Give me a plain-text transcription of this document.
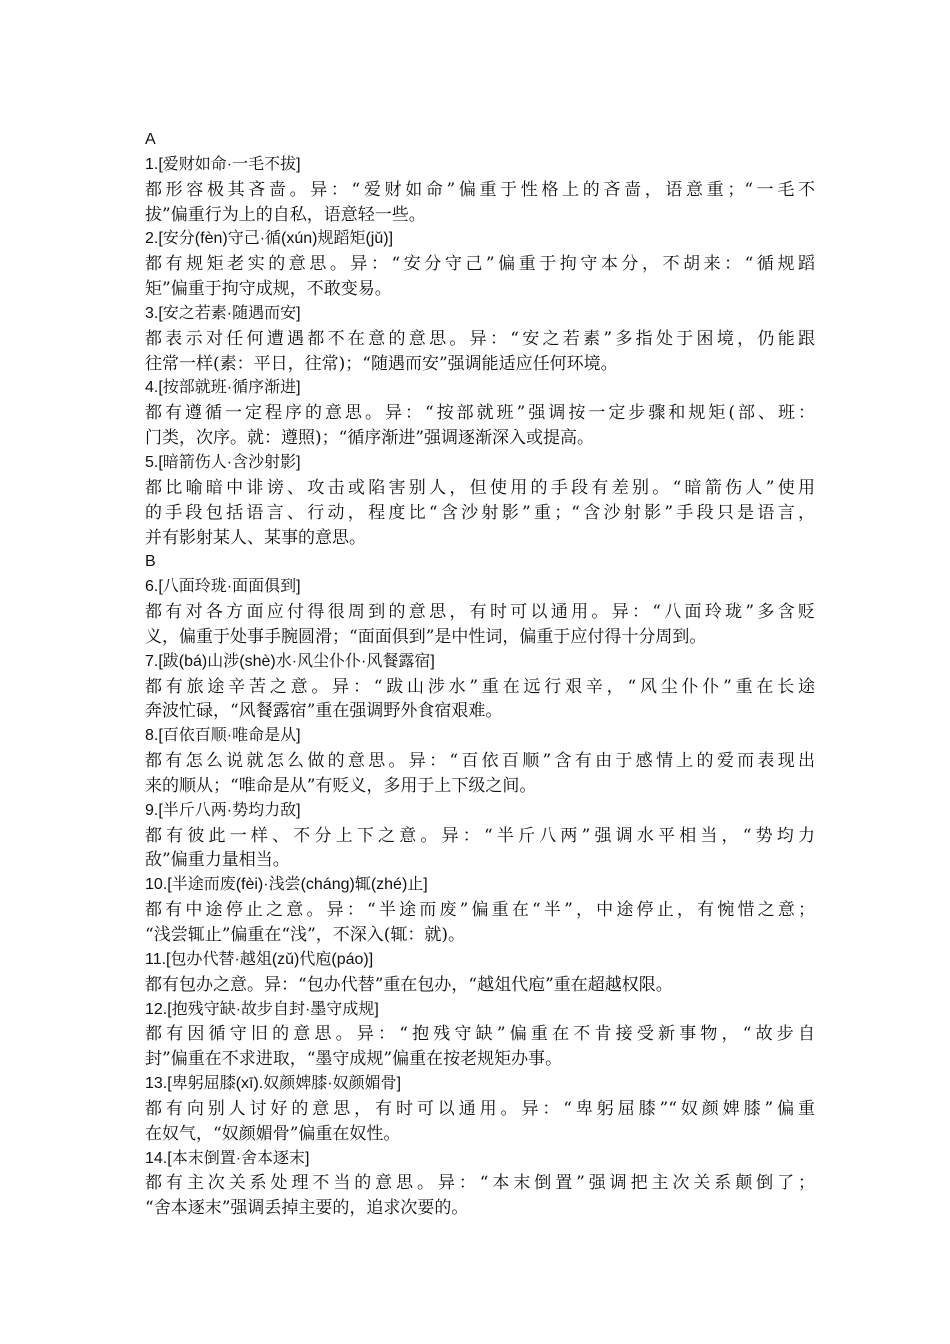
A
1.[爱财如命·一毛不拔]
都形容极其吝啬。异：“爱财如命”偏重于性格上的吝啬，语意重；“一毛不
拔”偏重行为上的自私，语意轻一些。
2.[安分(fèn)守己·循(xún)规蹈矩(jǔ)]
都有规矩老实的意思。异：“安分守己”偏重于拘守本分，不胡来：“循规蹈
矩”偏重于拘守成规，不敢变易。
3.[安之若素·随遇而安]
都表示对任何遭遇都不在意的意思。异：“安之若素”多指处于困境，仍能跟
往常一样(素：平日，往常)；“随遇而安”强调能适应任何环境。
4.[按部就班·循序渐进]
都有遵循一定程序的意思。异：“按部就班”强调按一定步骤和规矩(部、班：
门类，次序。就：遵照)；“循序渐进”强调逐渐深入或提高。
5.[暗箭伤人·含沙射影]
都比喻暗中诽谤、攻击或陷害别人，但使用的手段有差别。“暗箭伤人”使用
的手段包括语言、行动，程度比“含沙射影”重；“含沙射影”手段只是语言，
并有影射某人、某事的意思。
B
6.[八面玲珑·面面俱到]
都有对各方面应付得很周到的意思，有时可以通用。异：“八面玲珑”多含贬
义，偏重于处事手腕圆滑；“面面俱到”是中性词，偏重于应付得十分周到。
7.[跋(bá)山涉(shè)水·风尘仆仆·风餐露宿]
都有旅途辛苦之意。异：“跋山涉水”重在远行艰辛，“风尘仆仆”重在长途
奔波忙碌，“风餐露宿”重在强调野外食宿艰难。
8.[百依百顺·唯命是从]
都有怎么说就怎么做的意思。异：“百依百顺”含有由于感情上的爱而表现出
来的顺从；“唯命是从”有贬义，多用于上下级之间。
9.[半斤八两·势均力敌]
都有彼此一样、不分上下之意。异：“半斤八两”强调水平相当，“势均力
敌”偏重力量相当。
10.[半途而废(fèi)·浅尝(cháng)辄(zhé)止]
都有中途停止之意。异：“半途而废”偏重在“半”，中途停止，有惋惜之意；
“浅尝辄止”偏重在“浅”，不深入(辄：就)。
11.[包办代替·越俎(zǔ)代庖(páo)]
都有包办之意。异：“包办代替”重在包办，“越俎代庖”重在超越权限。
12.[抱残守缺·故步自封·墨守成规]
都有因循守旧的意思。异：“抱残守缺”偏重在不肯接受新事物，“故步自
封”偏重在不求进取，“墨守成规”偏重在按老规矩办事。
13.[卑躬屈膝(xī).奴颜婢膝·奴颜媚骨]
都有向别人讨好的意思，有时可以通用。异：“卑躬屈膝”“奴颜婢膝”偏重
在奴气，“奴颜媚骨”偏重在奴性。
14.[本末倒置·舍本逐末]
都有主次关系处理不当的意思。异：“本末倒置”强调把主次关系颠倒了；
“舍本逐末”强调丢掉主要的，追求次要的。
